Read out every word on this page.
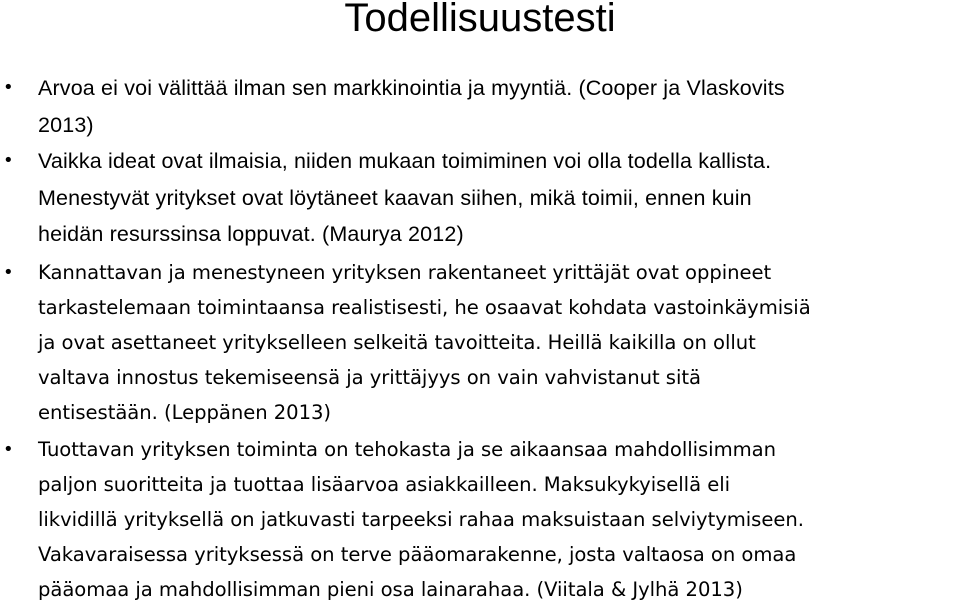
Todellisuustesti
• Arvoa ei voi välittää ilman sen markkinointia ja myyntiä. (Cooper ja Vlaskovits
2013)
• Vaikka ideat ovat ilmaisia, niiden mukaan toimiminen voi olla todella kallista.
Menestyvät yritykset ovat löytäneet kaavan siihen, mikä toimii, ennen kuin
heidän resurssinsa loppuvat. (Maurya 2012)
• Kannattavan ja menestyneen yrityksen rakentaneet yrittäjät ovat oppineet
tarkastelemaan toimintaansa realistisesti, he osaavat kohdata vastoinkäymisiä
ja ovat asettaneet yritykselleen selkeitä tavoitteita. Heillä kaikilla on ollut
valtava innostus tekemiseensä ja yrittäjyys on vain vahvistanut sitä
entisestään. (Leppänen 2013)
• Tuottavan yrityksen toiminta on tehokasta ja se aikaansaa mahdollisimman
paljon suoritteita ja tuottaa lisäarvoa asiakkailleen. Maksukykyisellä eli
likvidillä yrityksellä on jatkuvasti tarpeeksi rahaa maksuistaan selviytymiseen.
Vakavaraisessa yrityksessä on terve pääomarakenne, josta valtaosa on omaa
pääomaa ja mahdollisimman pieni osa lainarahaa. (Viitala & Jylhä 2013)
